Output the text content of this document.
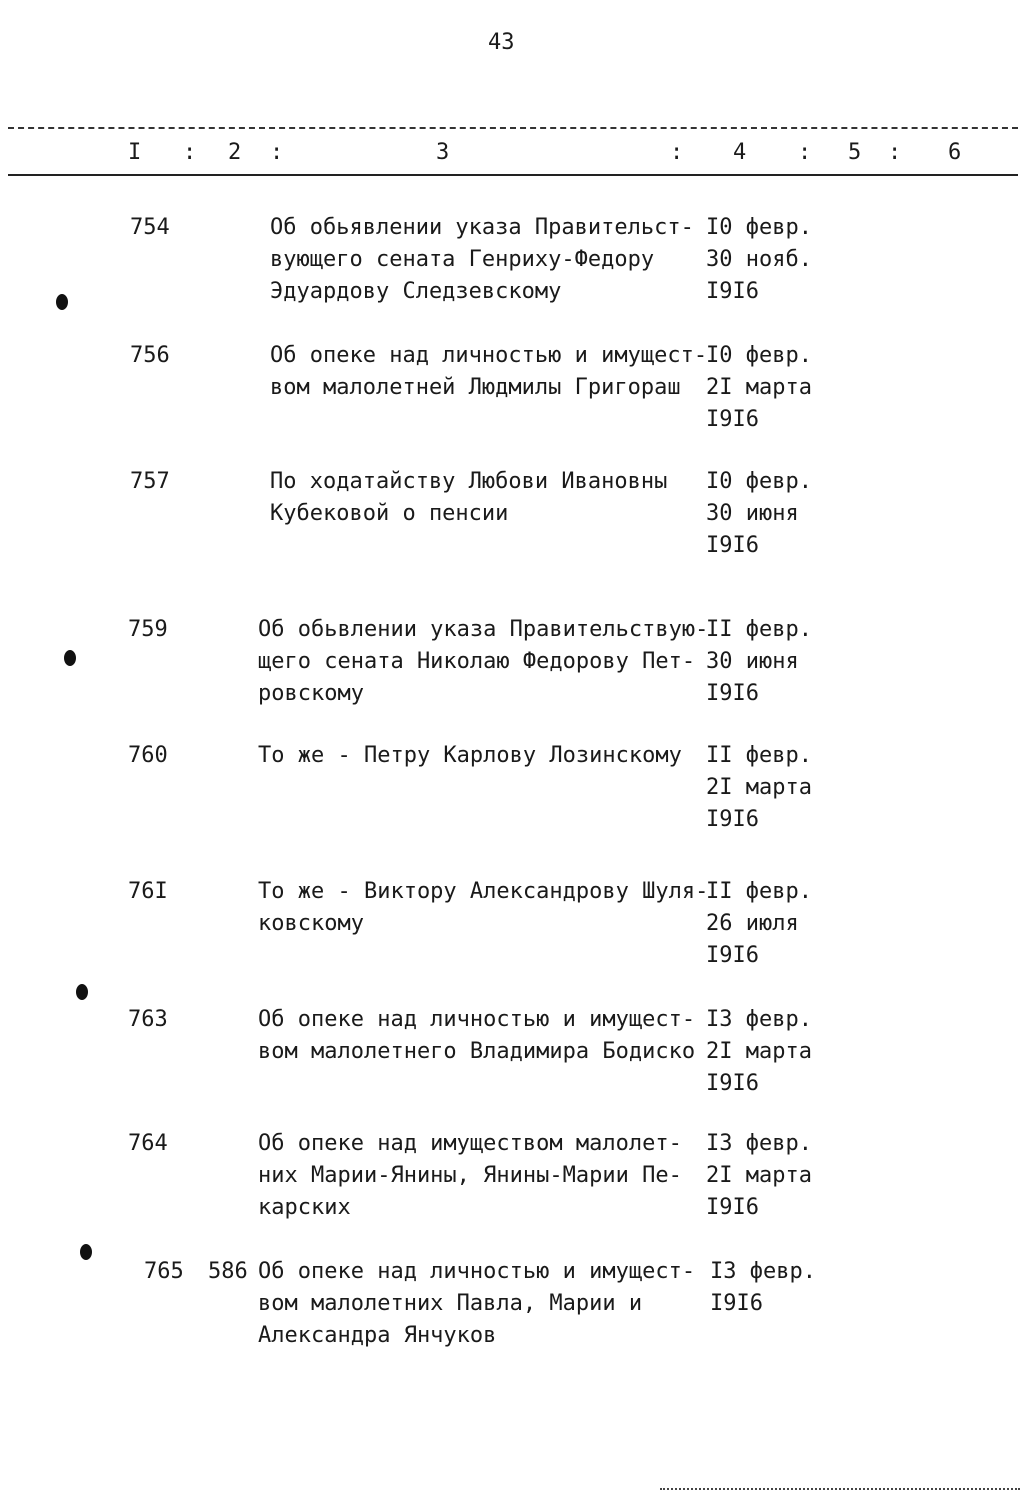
43
I : 2 :	3	: 4 : 5 : 6
754	Об обьявлении указа Правительст-
вующего сената Генриху-Федору
Эдуардову Следзевскому
I0 февр.
30 нояб.
I9I6
756	Об опеке над личностью и имущест-
вом малолетней Людмилы Григораш
I0 февр.
2I марта
I9I6
757	По ходатайству Любови Ивановны
Кубековой о пенсии
I0 февр.
30 июня
I9I6
759	Об обьвлении указа Правительствую-
щего сената Николаю Федорову Пет-
ровскому
II февр.
30 июня
I9I6
760	То же - Петру Карлову Лозинскому II февр.
2I марта
I9I6
76I	То же - Виктору Александрову Шуля-
ковскому
II февр.
26 июля
I9I6
763	Об опеке над личностью и имущест-
вом малолетнего Владимира Бодиско
I3 февр.
2I марта
I9I6
764	Об опеке над имуществом малолет-
них Марии-Янины, Янины-Марии Пе-
карских
I3 февр.
2I марта
I9I6
765	586 Об опеке над личностью и имущест-
вом малолетних Павла, Марии и
Александра Янчуков
I3 февр.
I9I6
